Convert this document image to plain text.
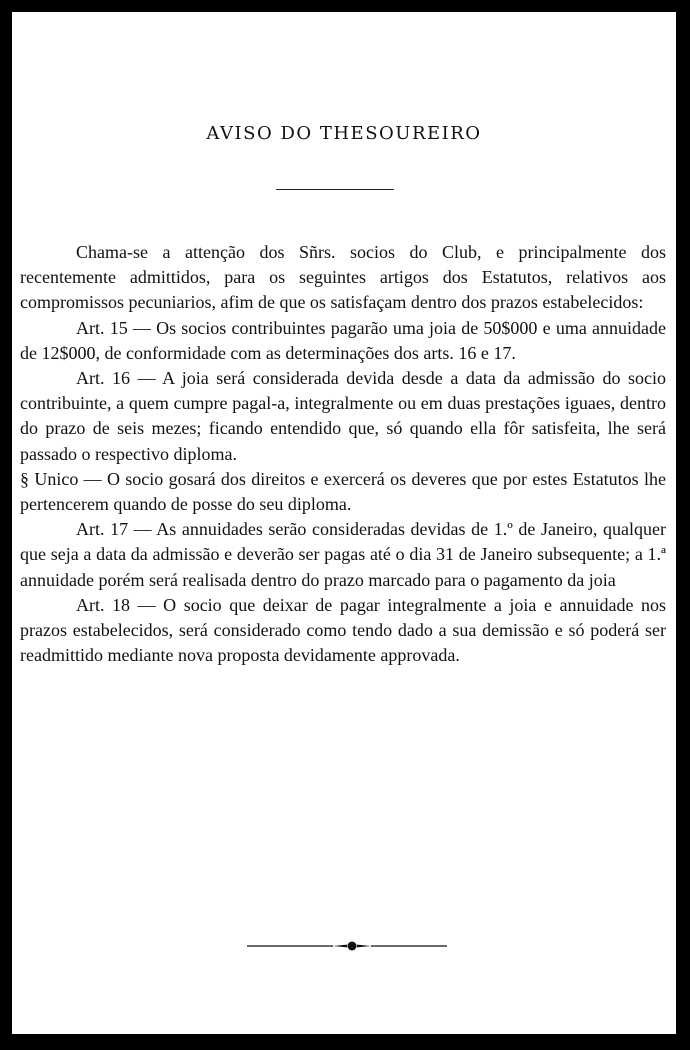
AVISO DO THESOUREIRO

Chama-se a attenção dos Sñrs. socios do Club, e principalmente dos recentemente admittidos, para os seguintes artigos dos Estatutos, relativos aos compromissos pecuniarios, afim de que os satisfaçam dentro dos prazos estabelecidos:

Art. 15 — Os socios contribuintes pagarão uma joia de 50$000 e uma annuidade de 12$000, de conformidade com as determinações dos arts. 16 e 17.

Art. 16 — A joia será considerada devida desde a data da admissão do socio contribuinte, a quem cumpre pagal-a, integralmente ou em duas prestações iguaes, dentro do prazo de seis mezes; ficando entendido que, só quando ella fôr satisfeita, lhe será passado o respectivo diploma.

§ Unico — O socio gosará dos direitos e exercerá os deveres que por estes Estatutos lhe pertencerem quando de posse do seu diploma.

Art. 17 — As annuidades serão consideradas devidas de 1.º de Janeiro, qualquer que seja a data da admissão e deverão ser pagas até o dia 31 de Janeiro subsequente; a 1.ª annuidade porém será realisada dentro do prazo marcado para o pagamento da joia

Art. 18 — O socio que deixar de pagar integralmente a joia e annuidade nos prazos estabelecidos, será considerado como tendo dado a sua demissão e só poderá ser readmittido mediante nova proposta devidamente approvada.
